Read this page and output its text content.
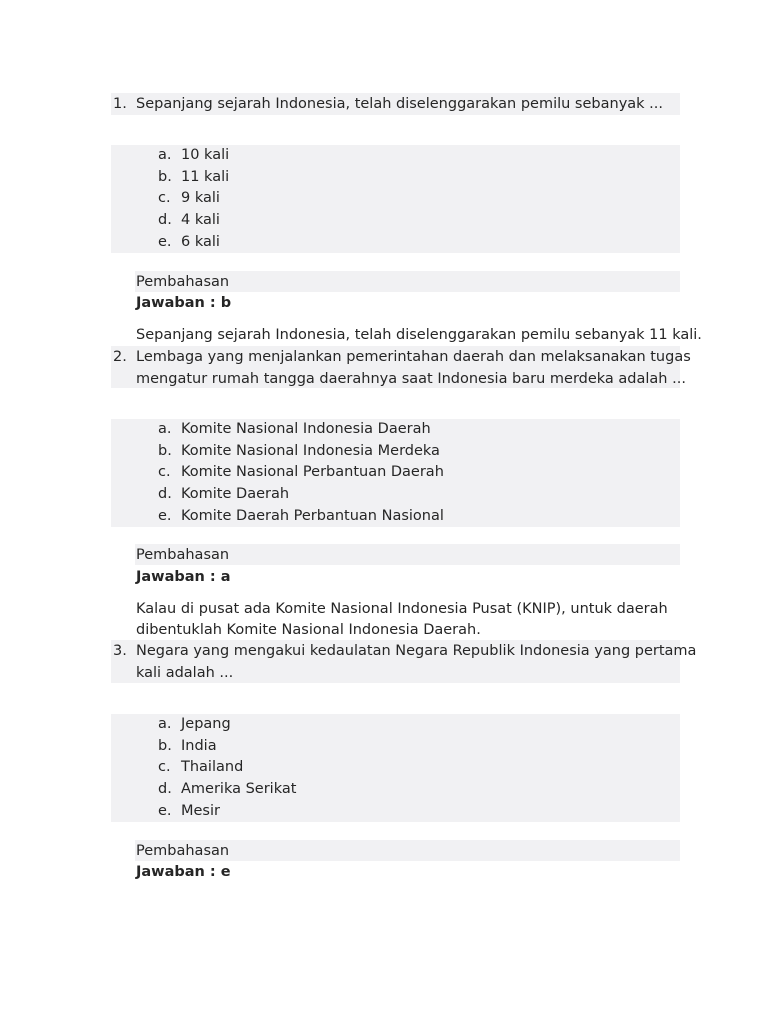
1. Sepanjang sejarah Indonesia, telah diselenggarakan pemilu sebanyak ...
a. 10 kali
b. 11 kali
c. 9 kali
d. 4 kali
e. 6 kali
Pembahasan
Jawaban : b
Sepanjang sejarah Indonesia, telah diselenggarakan pemilu sebanyak 11 kali.
2. Lembaga yang menjalankan pemerintahan daerah dan melaksanakan tugas
mengatur rumah tangga daerahnya saat Indonesia baru merdeka adalah ...
a. Komite Nasional Indonesia Daerah
b. Komite Nasional Indonesia Merdeka
c. Komite Nasional Perbantuan Daerah
d. Komite Daerah
e. Komite Daerah Perbantuan Nasional
Pembahasan
Jawaban : a
Kalau di pusat ada Komite Nasional Indonesia Pusat (KNIP), untuk daerah
dibentuklah Komite Nasional Indonesia Daerah.
3. Negara yang mengakui kedaulatan Negara Republik Indonesia yang pertama
kali adalah ...
a. Jepang
b. India
c. Thailand
d. Amerika Serikat
e. Mesir
Pembahasan
Jawaban : e
